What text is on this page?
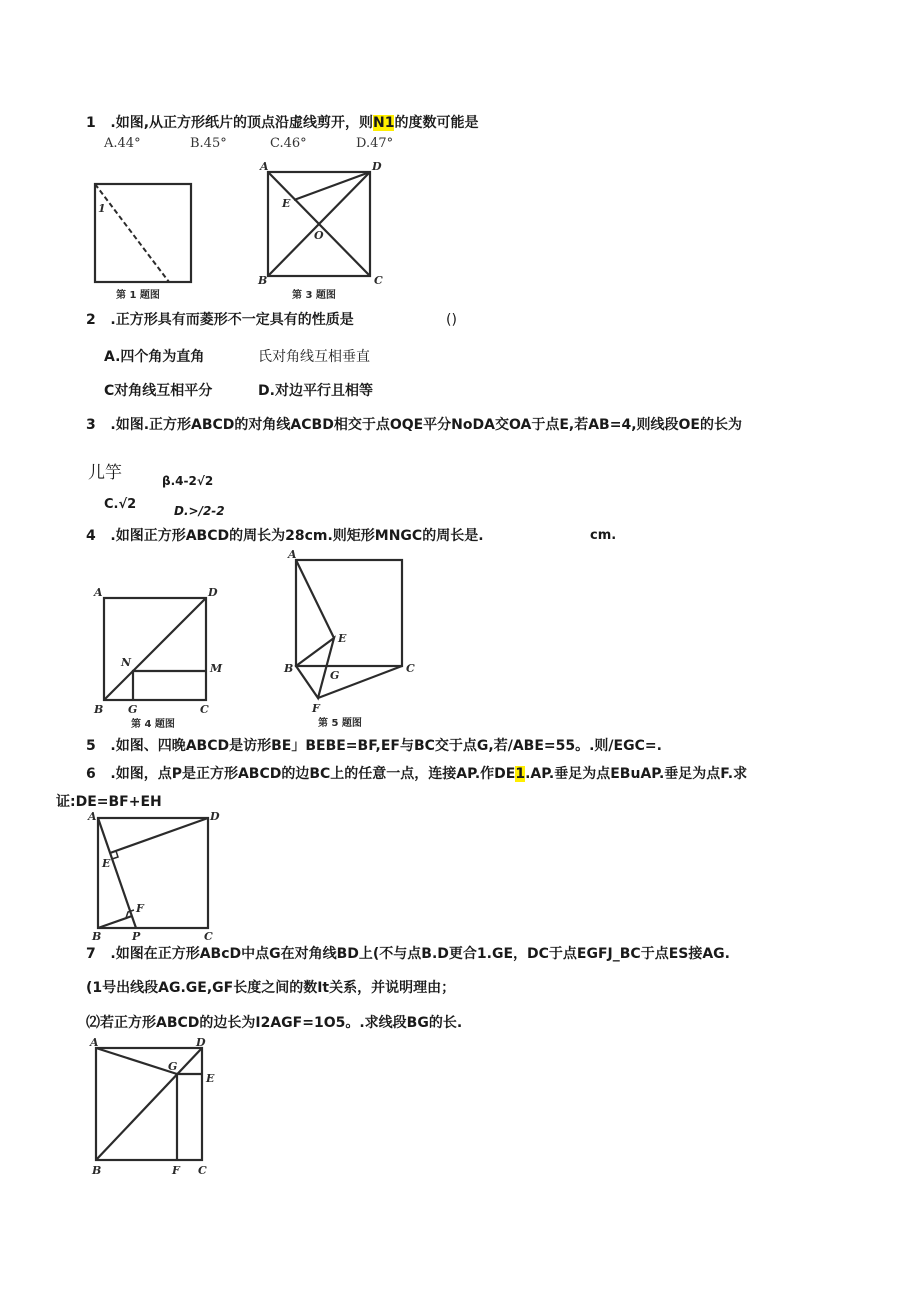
1 .如图,从正方形纸片的顶点沿虚线剪开，则N1的度数可能是
A.44°	B.45°	C.46°	D.47°
1
第 1 题图
A	D
E
O
B	C
第 3 题图
2 .正方形具有而菱形不一定具有的性质是	()
A.四个角为直角	氏对角线互相垂直
C对角线互相平分	D.对边平行且相等
3 .如图.正方形ABCD的对角线ACBD相交于点OQE平分NoDA交OA于点E,若AB=4,则线段OE的长为
儿竽	β.4-2√2
C.√2	D.>/2-2
4 .如图正方形ABCD的周长为28cm.则矩形MNGC的周长是.	cm.
A	D
N	M
B G	C
第 4 题图
A
E
B
G
C
F
第 5 题图
5 .如图、四晚ABCD是访形BE」BEBE=BF,EF与BC交于点G,若/ABE=55。.则/EGC=.
6 .如图，点P是正方形ABCD的边BC上的任意一点，连接AP.作DE1.AP.垂足为点EBuAP.垂足为点F.求
证:DE=BF+EH
A	D
E
F
B	P	C
7 .如图在正方形ABcD中点G在对角线BD上(不与点B.D更合1.GE，DC于点EGFJ_BC于点ES接AG.
(1号出线段AG.GE,GF长度之间的数It关系，并说明理由；
⑵若正方形ABCD的边长为I2AGF=1O5。.求线段BG的长.
A	D
G
E
B	F C
